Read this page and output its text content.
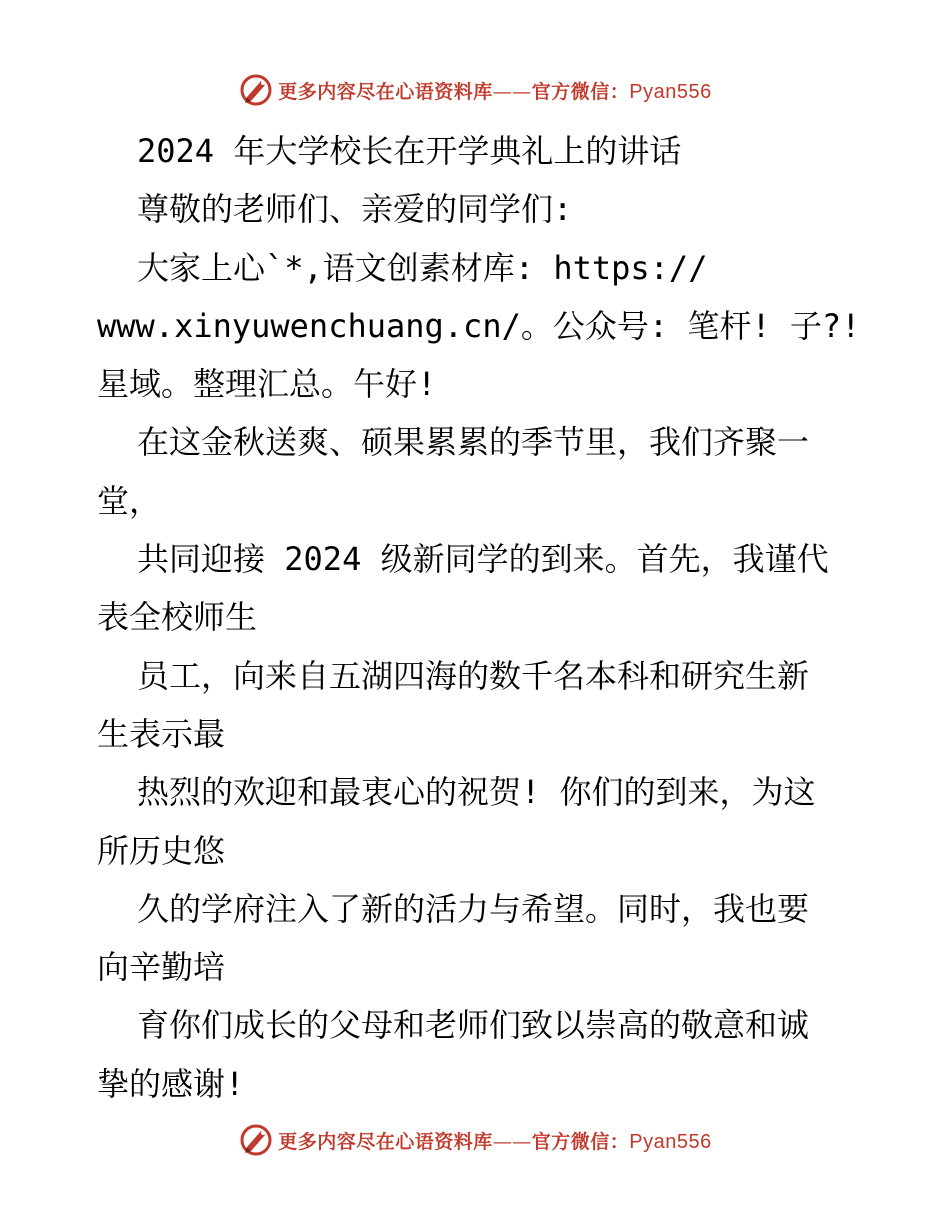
更多内容尽在心语资料库——官方微信：Pyan556
2024 年大学校长在开学典礼上的讲话
尊敬的老师们、亲爱的同学们:
大家上心`*,语文创素材库: https://
www.xinyuwenchuang.cn/。公众号: 笔杆! 子?!
星域。整理汇总。午好!
在这金秋送爽、硕果累累的季节里，我们齐聚一
堂，
共同迎接 2024 级新同学的到来。首先，我谨代
表全校师生
员工，向来自五湖四海的数千名本科和研究生新
生表示最
热烈的欢迎和最衷心的祝贺! 你们的到来，为这
所历史悠
久的学府注入了新的活力与希望。同时，我也要
向辛勤培
育你们成长的父母和老师们致以崇高的敬意和诚
挚的感谢!
更多内容尽在心语资料库——官方微信：Pyan556
